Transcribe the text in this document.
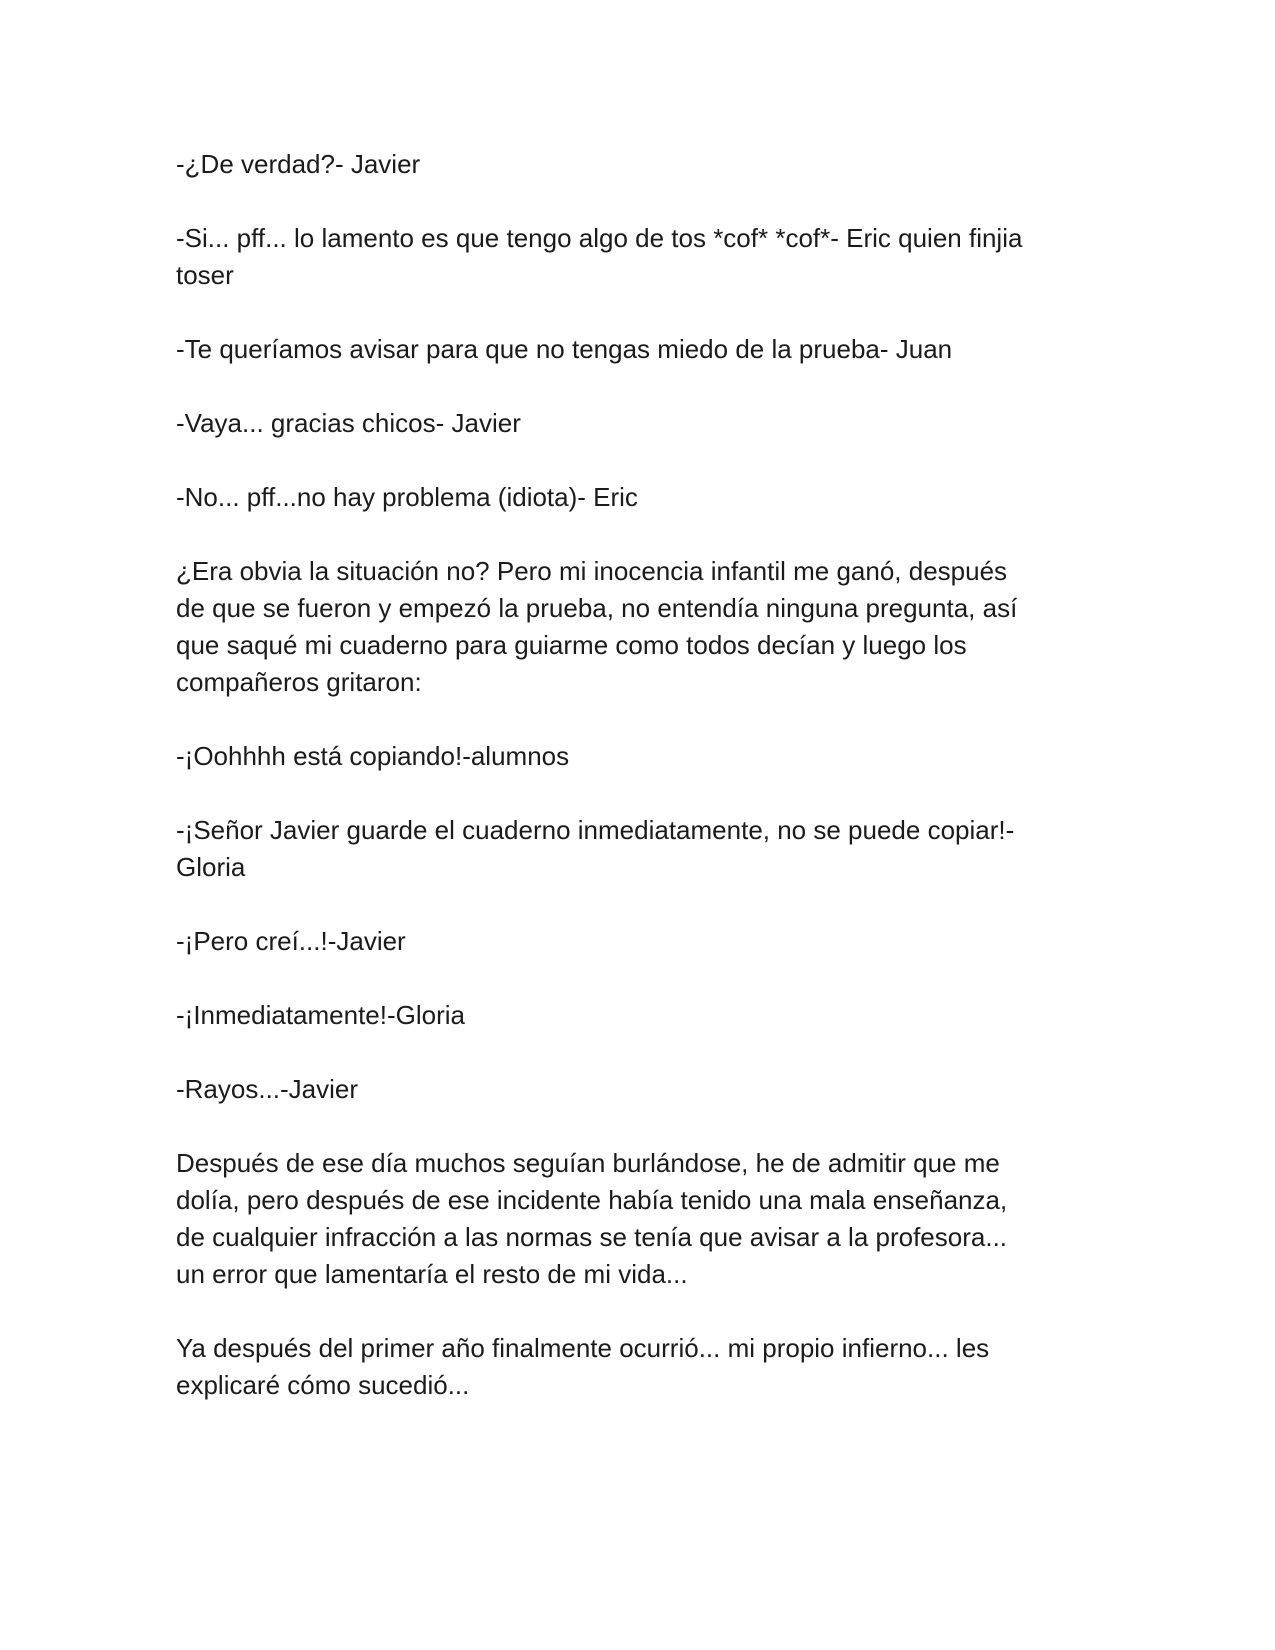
-¿De verdad?- Javier

-Si... pff... lo lamento es que tengo algo de tos *cof* *cof*- Eric quien finjia
toser

-Te queríamos avisar para que no tengas miedo de la prueba- Juan

-Vaya... gracias chicos- Javier

-No... pff...no hay problema (idiota)- Eric

¿Era obvia la situación no? Pero mi inocencia infantil me ganó, después
de que se fueron y empezó la prueba, no entendía ninguna pregunta, así
que saqué mi cuaderno para guiarme como todos decían y luego los
compañeros gritaron:

-¡Oohhhh está copiando!-alumnos

-¡Señor Javier guarde el cuaderno inmediatamente, no se puede copiar!-
Gloria

-¡Pero creí...!-Javier

-¡Inmediatamente!-Gloria

-Rayos...-Javier

Después de ese día muchos seguían burlándose, he de admitir que me
dolía, pero después de ese incidente había tenido una mala enseñanza,
de cualquier infracción a las normas se tenía que avisar a la profesora...
un error que lamentaría el resto de mi vida...

Ya después del primer año finalmente ocurrió... mi propio infierno... les
explicaré cómo sucedió...
